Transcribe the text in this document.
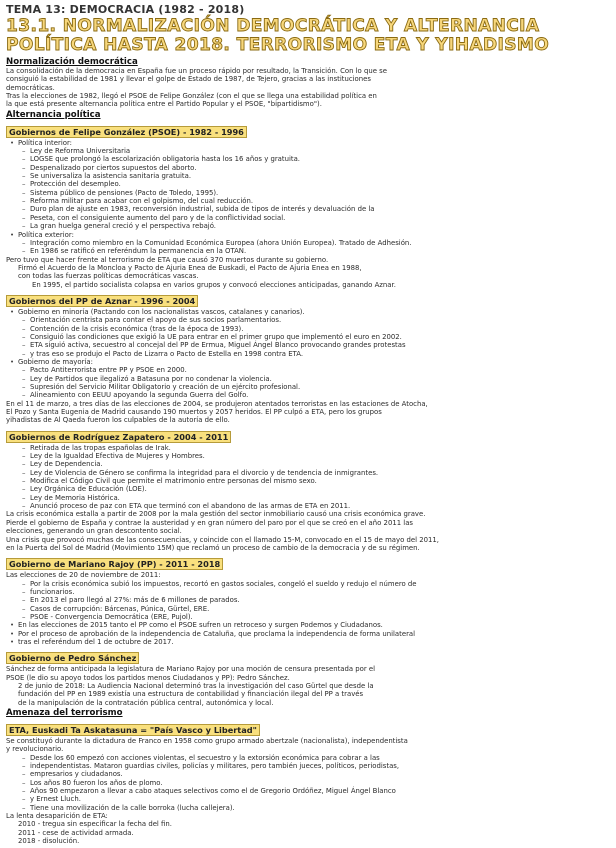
TEMA 13: DEMOCRACIA (1982 - 2018)
13.1. NORMALIZACIÓN DEMOCRÁTICA Y ALTERNANCIA POLÍTICA HASTA 2018. TERRORISMO ETA Y YIHADISMO
Normalización democrática
La consolidación de la democracia en España fue un proceso rápido por resultado, la Transición. Con lo que se
consiguió la estabilidad de 1981 y llevar el golpe de Estado de 1987, de Tejero, gracias a las instituciones
democráticas.
Tras la elecciones de 1982, llegó el PSOE de Felipe González (con el que se llega una estabilidad política en
la que está presente alternancia política entre el Partido Popular y el PSOE, "bipartidismo").
Alternancia política
Gobiernos de Felipe González (PSOE) - 1982 - 1996
• Política interior:
– Ley de Reforma Universitaria
– LOGSE que prolongó la escolarización obligatoria hasta los 16 años y gratuita.
– Despenalizado por ciertos supuestos del aborto.
– Se universaliza la asistencia sanitaria gratuita.
– Protección del desempleo.
– Sistema público de pensiones (Pacto de Toledo, 1995).
– Reforma militar para acabar con el golpismo, del cual reducción.
– Duro plan de ajuste en 1983, reconversión industrial, subida de tipos de interés y devaluación de la
– Peseta, con el consiguiente aumento del paro y de la conflictividad social.
– La gran huelga general creció y el perspectiva rebajó.
• Política exterior:
– Integración como miembro en la Comunidad Económica Europea (ahora Unión Europea). Tratado de Adhesión.
– En 1986 se ratificó en referéndum la permanencia en la OTAN.
Pero tuvo que hacer frente al terrorismo de ETA que causó 370 muertos durante su gobierno.
Firmó el Acuerdo de la Moncloa y Pacto de Ajuria Enea de Euskadi, el Pacto de Ajuria Enea en 1988,
con todas las fuerzas políticas democráticas vascas.
En 1995, el partido socialista colapsa en varios grupos y convocó elecciones anticipadas, ganando Aznar.
Gobiernos del PP de Aznar - 1996 - 2004
• Gobierno en minoría (Pactando con los nacionalistas vascos, catalanes y canarios).
– Orientación centrista para contar el apoyo de sus socios parlamentarios.
– Contención de la crisis económica (tras de la época de 1993).
– Consiguió las condiciones que exigió la UE para entrar en el primer grupo que implementó el euro en 2002.
– ETA siguió activa, secuestro al concejal del PP de Ermua, Miguel Ángel Blanco provocando grandes protestas
– y tras eso se produjo el Pacto de Lizarra o Pacto de Estella en 1998 contra ETA.
• Gobierno de mayoría:
– Pacto Antiterrorista entre PP y PSOE en 2000.
– Ley de Partidos que ilegalizó a Batasuna por no condenar la violencia.
– Supresión del Servicio Militar Obligatorio y creación de un ejército profesional.
– Alineamiento con EEUU apoyando la segunda Guerra del Golfo.
En el 11 de marzo, a tres días de las elecciones de 2004, se produjeron atentados terroristas en las estaciones de Atocha,
El Pozo y Santa Eugenia de Madrid causando 190 muertos y 2057 heridos. El PP culpó a ETA, pero los grupos
yihadistas de Al Qaeda fueron los culpables de la autoría de ello.
Gobiernos de Rodríguez Zapatero - 2004 - 2011
– Retirada de las tropas españolas de Irak.
– Ley de la Igualdad Efectiva de Mujeres y Hombres.
– Ley de Dependencia.
– Ley de Violencia de Género se confirma la integridad para el divorcio y de tendencia de inmigrantes.
– Modifica el Código Civil que permite el matrimonio entre personas del mismo sexo.
– Ley Orgánica de Educación (LOE).
– Ley de Memoria Histórica.
– Anunció proceso de paz con ETA que terminó con el abandono de las armas de ETA en 2011.
La crisis económica estalla a partir de 2008 por la mala gestión del sector inmobiliario causó una crisis económica grave.
Pierde el gobierno de España y contrae la austeridad y en gran número del paro por el que se creó en el año 2011 las
elecciones, generando un gran descontento social.
Una crisis que provocó muchas de las consecuencias, y coincide con el llamado 15-M, convocado en el 15 de mayo del 2011,
en la Puerta del Sol de Madrid (Movimiento 15M) que reclamó un proceso de cambio de la democracia y de su régimen.
Gobierno de Mariano Rajoy (PP) - 2011 - 2018
Las elecciones de 20 de noviembre de 2011:
– Por la crisis económica subió los impuestos, recortó en gastos sociales, congeló el sueldo y redujo el número de
– funcionarios.
– En 2013 el paro llegó al 27%: más de 6 millones de parados.
– Casos de corrupción: Bárcenas, Púnica, Gürtel, ERE.
– PSOE - Convergencia Democrática (ERE, Pujol).
• En las elecciones de 2015 tanto el PP como el PSOE sufren un retroceso y surgen Podemos y Ciudadanos.
• Por el proceso de aprobación de la independencia de Cataluña, que proclama la independencia de forma unilateral
• tras el referéndum del 1 de octubre de 2017.
Gobierno de Pedro Sánchez
Sánchez de forma anticipada la legislatura de Mariano Rajoy por una moción de censura presentada por el
PSOE (le dio su apoyo todos los partidos menos Ciudadanos y PP): Pedro Sánchez.
2 de junio de 2018: La Audiencia Nacional determinó tras la investigación del caso Gürtel que desde la
fundación del PP en 1989 existía una estructura de contabilidad y financiación ilegal del PP a través
de la manipulación de la contratación pública central, autonómica y local.
Amenaza del terrorismo
ETA, Euskadi Ta Askatasuna = "País Vasco y Libertad"
Se constituyó durante la dictadura de Franco en 1958 como grupo armado abertzale (nacionalista), independentista
y revolucionario.
– Desde los 60 empezó con acciones violentas, el secuestro y la extorsión económica para cobrar a las
– independentistas. Mataron guardias civiles, policías y militares, pero también jueces, políticos, periodistas,
– empresarios y ciudadanos.
– Los años 80 fueron los años de plomo.
– Años 90 empezaron a llevar a cabo ataques selectivos como el de Gregorio Ordóñez, Miguel Ángel Blanco
– y Ernest Lluch.
– Tiene una movilización de la calle borroka (lucha callejera).
La lenta desaparición de ETA:
2010 - tregua sin especificar la fecha del fin.
2011 - cese de actividad armada.
2018 - disolución.
